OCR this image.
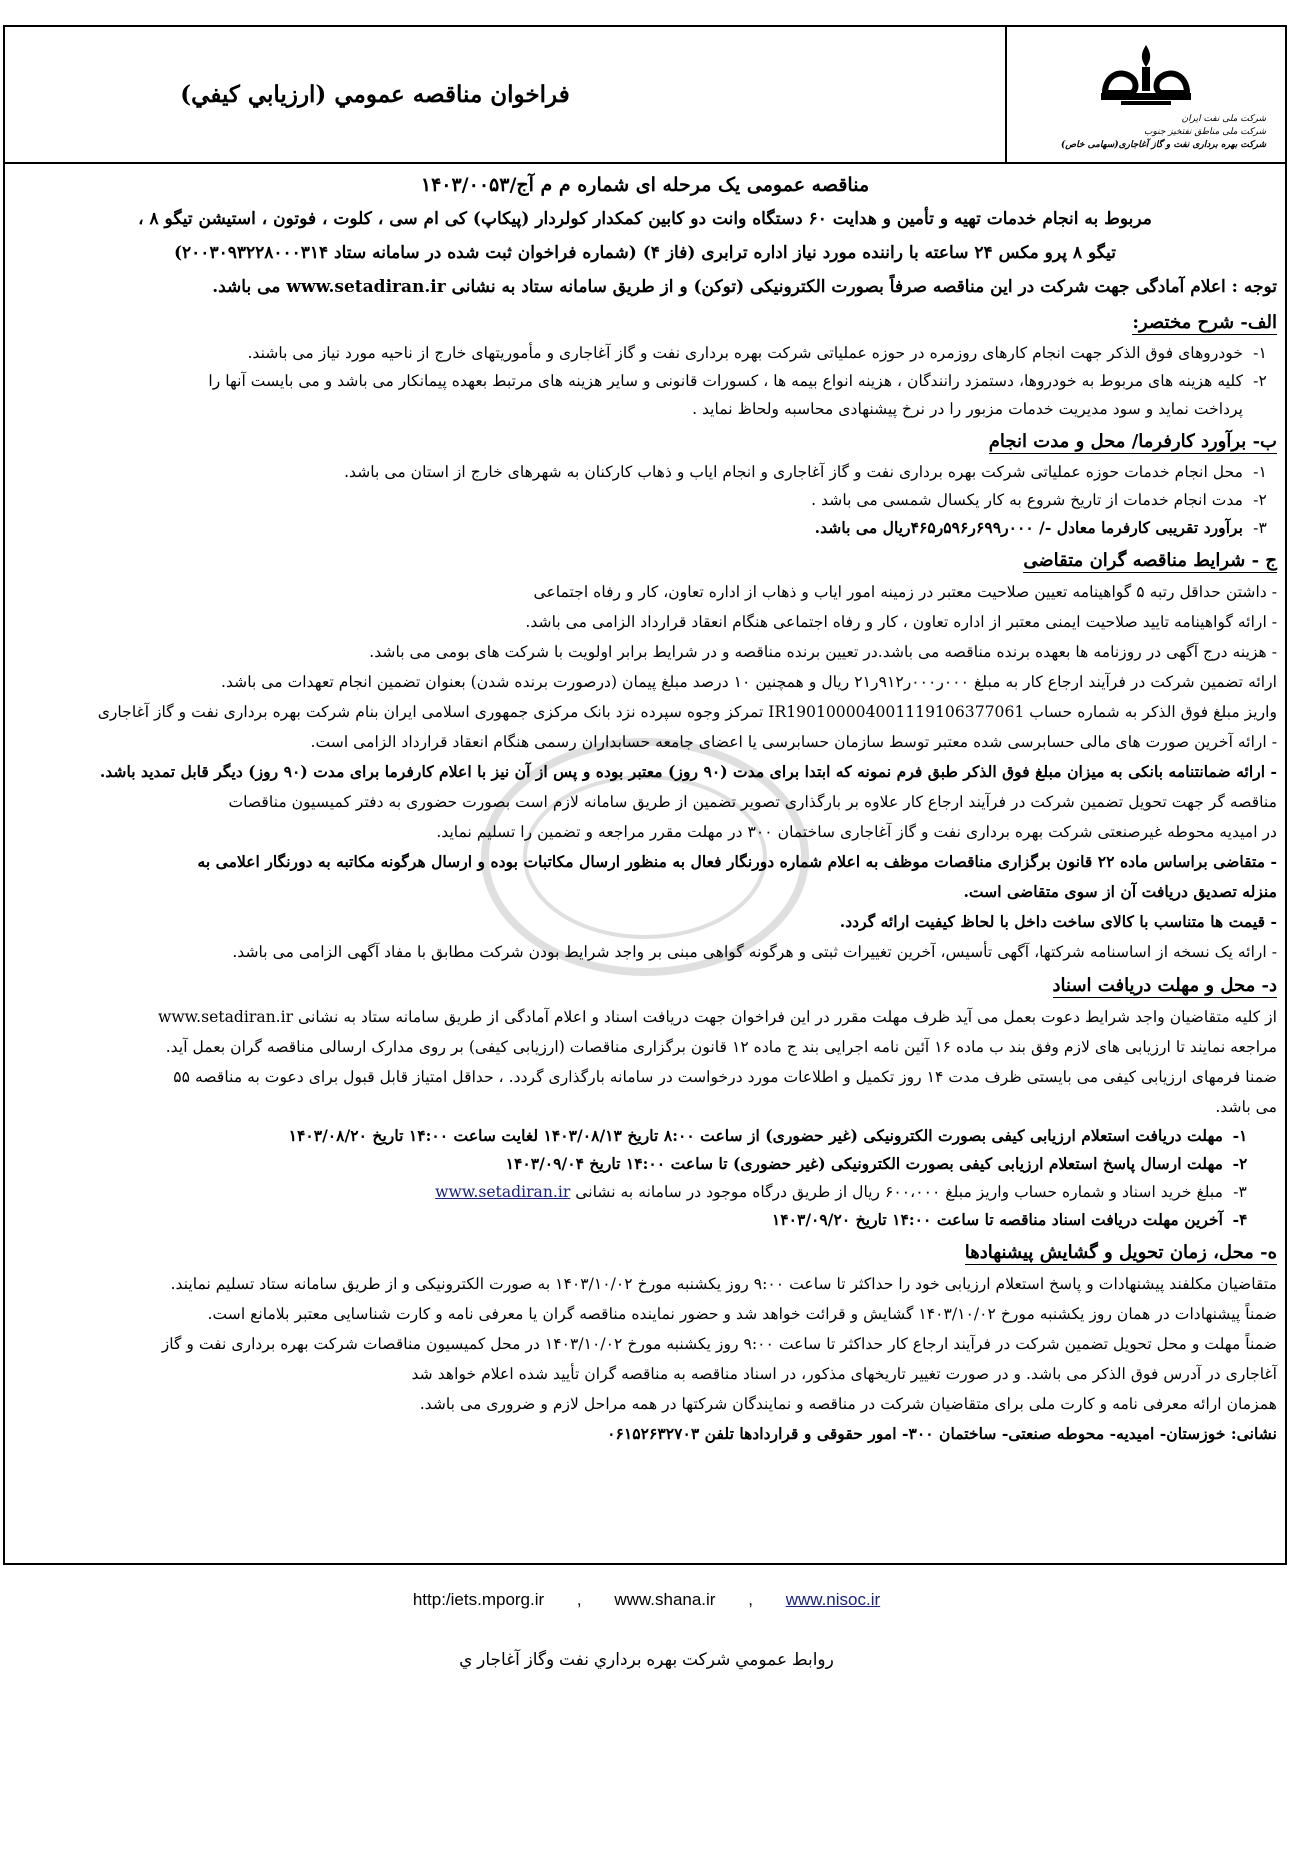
شرکت ملی نفت ایران
شرکت ملی مناطق نفتخیز جنوب
شرکت بهره برداری نفت و گاز آغاجاری(سهامی خاص)
فراخوان مناقصه عمومي (ارزيابي كيفي)
مناقصه عمومی یک مرحله ای شماره م م آج/۱۴۰۳/۰۰۵۳
مربوط به انجام خدمات تهیه و تأمین و هدایت ۶۰ دستگاه وانت دو کابین کمکدار کولردار (پیکاپ) کی ام سی ، کلوت ، فوتون ، استیشن تیگو ۸ ،
تیگو ۸ پرو مکس ۲۴ ساعته با راننده مورد نیاز اداره ترابری (فاز ۴) (شماره فراخوان ثبت شده در سامانه ستاد ۲۰۰۳۰۹۳۲۲۸۰۰۰۳۱۴)
توجه : اعلام آمادگی جهت شرکت در این مناقصه صرفاً بصورت الکترونیکی (توکن) و از طریق سامانه ستاد به نشانی www.setadiran.ir می باشد.
الف- شرح مختصر:
۱-
خودروهای فوق الذکر جهت انجام کارهای روزمره در حوزه عملیاتی شرکت بهره برداری نفت و گاز آغاجاری و مأموریتهای خارج از ناحیه مورد نیاز می باشند.
۲-
کلیه هزینه های مربوط به خودروها، دستمزد رانندگان ، هزینه انواع بیمه ها ، کسورات قانونی و سایر هزینه های مرتبط بعهده پیمانکار می باشد و می بایست آنها را
پرداخت نماید و سود مدیریت خدمات مزبور را در نرخ پیشنهادی محاسبه ولحاظ نماید .
ب- برآورد کارفرما/ محل و مدت انجام
۱-
محل انجام خدمات حوزه عملیاتی شرکت بهره برداری نفت و گاز آغاجاری و انجام ایاب و ذهاب کارکنان به شهرهای خارج از استان می باشد.
۲-
مدت انجام خدمات از تاریخ شروع به کار یکسال شمسی می باشد .
۳-
برآورد تقریبی کارفرما معادل -/ ۰۰۰ر۶۹۹ر۵۹۶ر۴۶۵ریال می باشد.
ج - شرایط مناقصه گران متقاضی
- داشتن حداقل رتبه ۵ گواهینامه تعیین صلاحیت معتبر در زمینه امور ایاب و ذهاب از اداره تعاون، کار و رفاه اجتماعی
- ارائه گواهینامه تایید صلاحیت ایمنی معتبر از اداره تعاون ، کار و رفاه اجتماعی هنگام انعقاد قرارداد الزامی می باشد.
- هزینه درج آگهی در روزنامه ها بعهده برنده مناقصه می باشد.در تعیین برنده مناقصه و در شرایط برابر اولویت با شرکت های بومی می باشد.
ارائه تضمین شرکت در فرآیند ارجاع کار به مبلغ ۰۰۰ر۰۰۰ر۹۱۲ر۲۱ ریال و همچنین ۱۰ درصد مبلغ پیمان (درصورت برنده شدن) بعنوان تضمین انجام تعهدات می باشد.
واریز مبلغ فوق الذکر به شماره حساب IR190100004001119106377061 تمرکز وجوه سپرده نزد بانک مرکزی جمهوری اسلامی ایران بنام شرکت بهره برداری نفت و گاز آغاجاری
- ارائه آخرین صورت های مالی حسابرسی شده معتبر توسط سازمان حسابرسی یا اعضای جامعه حسابداران رسمی هنگام انعقاد قرارداد الزامی است.
- ارائه ضمانتنامه بانکی به میزان مبلغ فوق الذکر طبق فرم نمونه که ابتدا برای مدت (۹۰ روز) معتبر بوده و پس از آن نیز با اعلام کارفرما برای مدت (۹۰ روز) دیگر قابل تمدید باشد.
مناقصه گر جهت تحویل تضمین شرکت در فرآیند ارجاع کار علاوه بر بارگذاری تصویر تضمین از طریق سامانه لازم است بصورت حضوری به دفتر کمیسیون مناقصات
در امیدیه محوطه غیرصنعتی شرکت بهره برداری نفت و گاز آغاجاری ساختمان ۳۰۰ در مهلت مقرر مراجعه و تضمین را تسلیم نماید.
- متقاضی براساس ماده ۲۲ قانون برگزاری مناقصات موظف به اعلام شماره دورنگار فعال به منظور ارسال مکاتبات بوده و ارسال هرگونه مکاتبه به دورنگار اعلامی به
منزله تصدیق دریافت آن از سوی متقاضی است.
- قیمت ها متناسب با کالای ساخت داخل با لحاظ کیفیت ارائه گردد.
- ارائه یک نسخه از اساسنامه شرکتها، آگهی تأسیس، آخرین تغییرات ثبتی و هرگونه گواهی مبنی بر واجد شرایط بودن شرکت مطابق با مفاد آگهی الزامی می باشد.
د- محل و مهلت دریافت اسناد
از کلیه متقاضیان واجد شرایط دعوت بعمل می آید ظرف مهلت مقرر در این فراخوان جهت دریافت اسناد و اعلام آمادگی از طریق سامانه ستاد به نشانی www.setadiran.ir
مراجعه نمایند تا ارزیابی های لازم وفق بند ب ماده ۱۶ آئین نامه اجرایی بند ج ماده ۱۲ قانون برگزاری مناقصات (ارزیابی کیفی) بر روی مدارک ارسالی مناقصه گران بعمل آید.
ضمنا فرمهای ارزیابی کیفی می بایستی ظرف مدت ۱۴ روز تکمیل و اطلاعات مورد درخواست در سامانه بارگذاری گردد. ، حداقل امتیاز قابل قبول برای دعوت به مناقصه ۵۵
می باشد.
۱-
مهلت دریافت استعلام ارزیابی کیفی بصورت الکترونیکی (غیر حضوری) از ساعت ۸:۰۰ تاریخ ۱۴۰۳/۰۸/۱۳ لغایت ساعت ۱۴:۰۰ تاریخ ۱۴۰۳/۰۸/۲۰
۲-
مهلت ارسال پاسخ استعلام ارزیابی کیفی بصورت الکترونیکی (غیر حضوری) تا ساعت ۱۴:۰۰ تاریخ ۱۴۰۳/۰۹/۰۴
۳-
مبلغ خرید اسناد و شماره حساب واریز مبلغ ۶۰۰،۰۰۰ ریال از طریق درگاه موجود در سامانه به نشانی www.setadiran.ir
۴-
آخرین مهلت دریافت اسناد مناقصه تا ساعت ۱۴:۰۰ تاریخ ۱۴۰۳/۰۹/۲۰
ه- محل، زمان تحویل و گشایش پیشنهادها
متقاضیان مکلفند پیشنهادات و پاسخ استعلام ارزیابی خود را حداکثر تا ساعت ۹:۰۰ روز یکشنبه مورخ ۱۴۰۳/۱۰/۰۲ به صورت الکترونیکی و از طریق سامانه ستاد تسلیم نمایند.
ضمناً پیشنهادات در همان روز یکشنبه مورخ ۱۴۰۳/۱۰/۰۲ گشایش و قرائت خواهد شد و حضور نماینده مناقصه گران یا معرفی نامه و کارت شناسایی معتبر بلامانع است.
ضمناً مهلت و محل تحویل تضمین شرکت در فرآیند ارجاع کار حداکثر تا ساعت ۹:۰۰ روز یکشنبه مورخ ۱۴۰۳/۱۰/۰۲ در محل کمیسیون مناقصات شرکت بهره برداری نفت و گاز
آغاجاری در آدرس فوق الذکر می باشد. و در صورت تغییر تاریخهای مذکور، در اسناد مناقصه به مناقصه گران تأیید شده اعلام خواهد شد
همزمان ارائه معرفی نامه و کارت ملی برای متقاضیان شرکت در مناقصه و نمایندگان شرکتها در همه مراحل لازم و ضروری می باشد.
نشانی: خوزستان- امیدیه- محوطه صنعتی- ساختمان ۳۰۰- امور حقوقی و قراردادها تلفن ۰۶۱۵۲۶۳۲۷۰۳
http:/iets.mporg.ir , www.shana.ir , www.nisoc.ir
روابط عمومي شركت بهره برداري نفت وگاز آغاجار ي
